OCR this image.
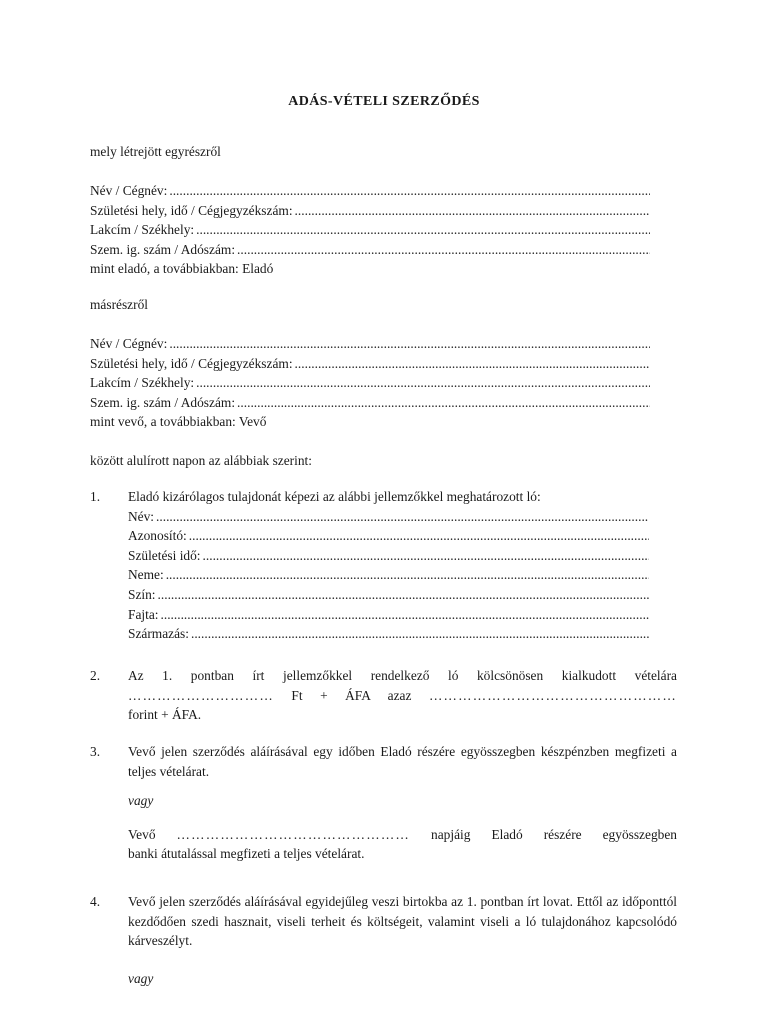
ADÁS-VÉTELI SZERZŐDÉS
mely létrejött egyrészről
Név / Cégnév:
.....
Születési hely, idő / Cégjegyzékszám:
.....
Lakcím / Székhely:
.....
Szem. ig. szám / Adószám:
.....
mint eladó, a továbbiakban: Eladó
másrészről
Név / Cégnév:
.....
Születési hely, idő / Cégjegyzékszám:
.....
Lakcím / Székhely:
.....
Szem. ig. szám / Adószám:
.....
mint vevő, a továbbiakban: Vevő
között alulírott napon az alábbiak szerint:
1. Eladó kizárólagos tulajdonát képezi az alábbi jellemzőkkel meghatározott ló:
Név:
.....
Azonosító:
.....
Születési idő:
.....
Neme:
.....
Szín:
.....
Fajta:
.....
Származás:
.....
2. Az 1. pontban írt jellemzőkkel rendelkező ló kölcsönösen kialkudott vételára

………………………… Ft + ÁFA azaz ……………………………………………

forint + ÁFA.

3. Vevő jelen szerződés aláírásával egy időben Eladó részére egyösszegben készpénzben megfizeti a teljes vételárat.

vagy

Vevő ………………………………………… napjáig Eladó részére egyösszegben

banki átutalással megfizeti a teljes vételárat.

4. Vevő jelen szerződés aláírásával egyidejűleg veszi birtokba az 1. pontban írt lovat. Ettől az időponttól kezdődően szedi hasznait, viseli terheit és költségeit, valamint viseli a ló tulajdonához kapcsolódó kárveszélyt.

vagy
